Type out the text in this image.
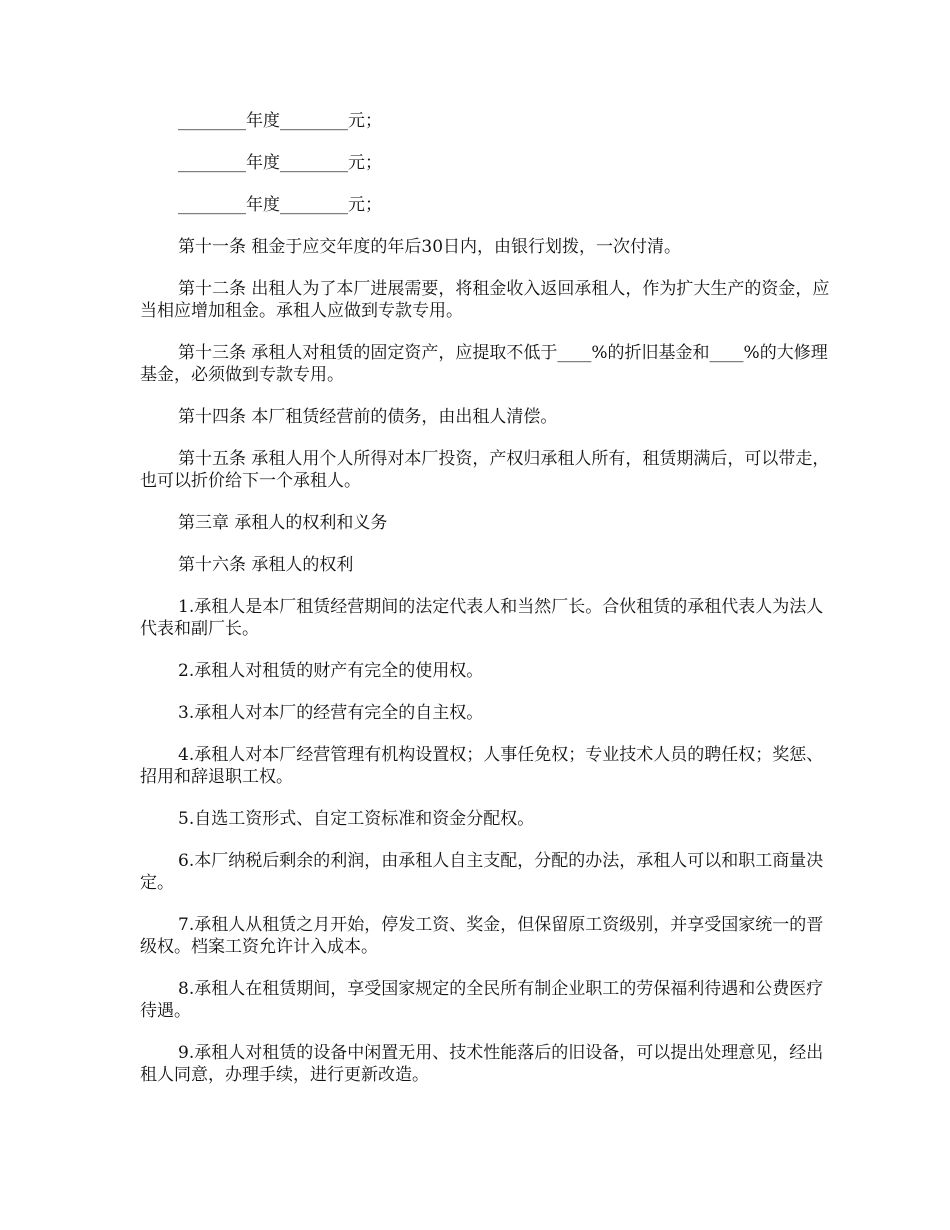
________年度________元；

________年度________元；

________年度________元；

第十一条 租金于应交年度的年后30日内，由银行划拨，一次付清。

第十二条 出租人为了本厂进展需要，将租金收入返回承租人，作为扩大生产的资金，应当相应增加租金。承租人应做到专款专用。

第十三条 承租人对租赁的固定资产，应提取不低于____%的折旧基金和____%的大修理基金，必须做到专款专用。

第十四条 本厂租赁经营前的债务，由出租人清偿。

第十五条 承租人用个人所得对本厂投资，产权归承租人所有，租赁期满后，可以带走，也可以折价给下一个承租人。

第三章 承租人的权利和义务

第十六条 承租人的权利

1.承租人是本厂租赁经营期间的法定代表人和当然厂长。合伙租赁的承租代表人为法人代表和副厂长。

2.承租人对租赁的财产有完全的使用权。

3.承租人对本厂的经营有完全的自主权。

4.承租人对本厂经营管理有机构设置权；人事任免权；专业技术人员的聘任权；奖惩、招用和辞退职工权。

5.自选工资形式、自定工资标准和资金分配权。

6.本厂纳税后剩余的利润，由承租人自主支配，分配的办法，承租人可以和职工商量决定。

7.承租人从租赁之月开始，停发工资、奖金，但保留原工资级别，并享受国家统一的晋级权。档案工资允许计入成本。

8.承租人在租赁期间，享受国家规定的全民所有制企业职工的劳保福利待遇和公费医疗待遇。

9.承租人对租赁的设备中闲置无用、技术性能落后的旧设备，可以提出处理意见，经出租人同意，办理手续，进行更新改造。
